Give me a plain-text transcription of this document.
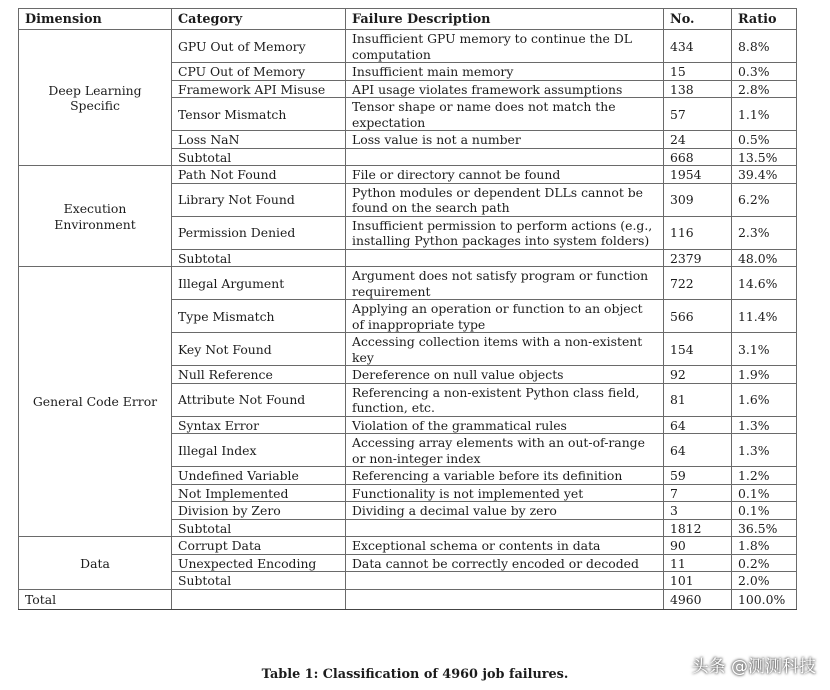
Dimension	Category	Failure Description	No.	Ratio
Deep Learning Specific	GPU Out of Memory	Insufficient GPU memory to continue the DL computation	434	8.8%
	CPU Out of Memory	Insufficient main memory	15	0.3%
	Framework API Misuse	API usage violates framework assumptions	138	2.8%
	Tensor Mismatch	Tensor shape or name does not match the expectation	57	1.1%
	Loss NaN	Loss value is not a number	24	0.5%
	Subtotal		668	13.5%
Execution Environment	Path Not Found	File or directory cannot be found	1954	39.4%
	Library Not Found	Python modules or dependent DLLs cannot be found on the search path	309	6.2%
	Permission Denied	Insufficient permission to perform actions (e.g., installing Python packages into system folders)	116	2.3%
	Subtotal		2379	48.0%
General Code Error	Illegal Argument	Argument does not satisfy program or function requirement	722	14.6%
	Type Mismatch	Applying an operation or function to an object of inappropriate type	566	11.4%
	Key Not Found	Accessing collection items with a non-existent key	154	3.1%
	Null Reference	Dereference on null value objects	92	1.9%
	Attribute Not Found	Referencing a non-existent Python class field, function, etc.	81	1.6%
	Syntax Error	Violation of the grammatical rules	64	1.3%
	Illegal Index	Accessing array elements with an out-of-range or non-integer index	64	1.3%
	Undefined Variable	Referencing a variable before its definition	59	1.2%
	Not Implemented	Functionality is not implemented yet	7	0.1%
	Division by Zero	Dividing a decimal value by zero	3	0.1%
	Subtotal		1812	36.5%
Data	Corrupt Data	Exceptional schema or contents in data	90	1.8%
	Unexpected Encoding	Data cannot be correctly encoded or decoded	11	0.2%
	Subtotal		101	2.0%
Total			4960	100.0%
Table 1: Classification of 4960 job failures.	头条 @测测科技
